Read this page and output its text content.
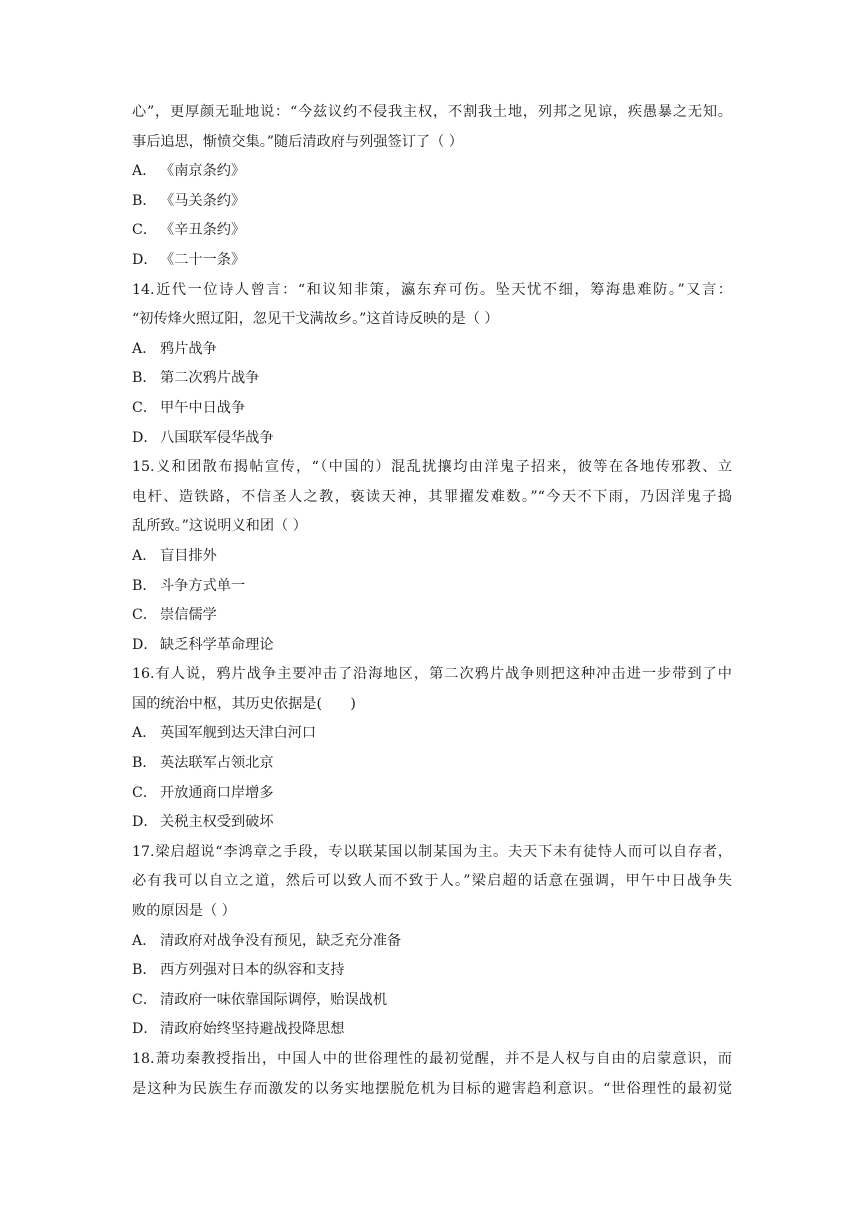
心”，更厚颜无耻地说：“今兹议约不侵我主权，不割我土地，列邦之见谅，疾愚暴之无知。
事后追思，惭愤交集。”随后清政府与列强签订了（ ）
A． 《南京条约》
B． 《马关条约》
C． 《辛丑条约》
D． 《二十一条》
14.近代一位诗人曾言：“和议知非策，瀛东弃可伤。坠天忧不细，筹海患难防。”又言：
“初传烽火照辽阳，忽见干戈满故乡。”这首诗反映的是（ ）
A． 鸦片战争
B． 第二次鸦片战争
C． 甲午中日战争
D． 八国联军侵华战争
15.义和团散布揭帖宣传，“（中国的）混乱扰攘均由洋鬼子招来，彼等在各地传邪教、立
电杆、造铁路，不信圣人之教，亵读天神，其罪擢发难数。”“今天不下雨，乃因洋鬼子捣
乱所致。”这说明义和团（ ）
A． 盲目排外
B． 斗争方式单一
C． 崇信儒学
D． 缺乏科学革命理论
16.有人说，鸦片战争主要冲击了沿海地区，第二次鸦片战争则把这种冲击进一步带到了中
国的统治中枢，其历史依据是(　　)
A． 英国军舰到达天津白河口
B． 英法联军占领北京
C． 开放通商口岸增多
D． 关税主权受到破坏
17.梁启超说“李鸿章之手段，专以联某国以制某国为主。夫天下未有徒恃人而可以自存者，
必有我可以自立之道，然后可以致人而不致于人。”梁启超的话意在强调，甲午中日战争失
败的原因是（ ）
A． 清政府对战争没有预见，缺乏充分准备
B． 西方列强对日本的纵容和支持
C． 清政府一味依靠国际调停，贻误战机
D． 清政府始终坚持避战投降思想
18.萧功秦教授指出，中国人中的世俗理性的最初觉醒，并不是人权与自由的启蒙意识，而
是这种为民族生存而激发的以务实地摆脱危机为目标的避害趋利意识。“世俗理性的最初觉
